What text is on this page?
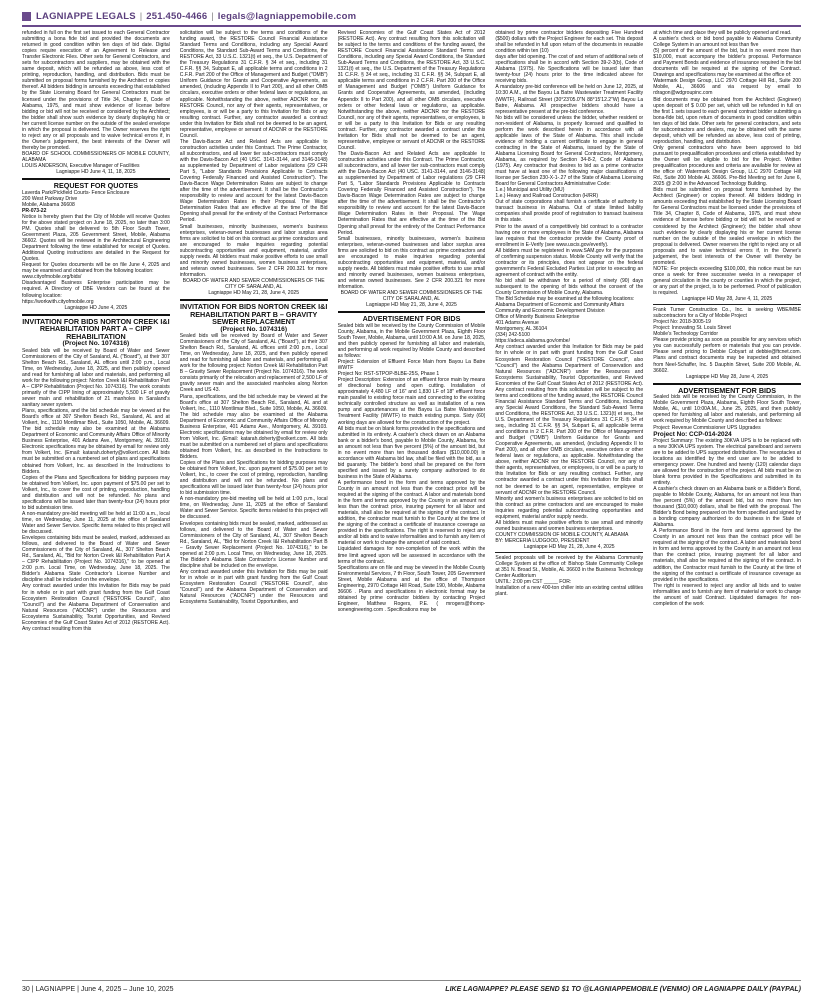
LAGNIAPPE LEGALS | 251.450-4466 | legals@lagniappemobile.com

refunded in full on the first set issued to each General Contractor submitting a bona fide bid and provided the documents are returned in good condition within ten days of bid date. Digital copies require execution of an Agreement to Release and Transfer Electronic Files. Other sets for General Contractors, and sets for subcontractors and suppliers, may be obtained with the same deposit, which will be refunded as above, less cost of printing, reproduction, handling, and distribution. Bids must be submitted on proposal forms furnished by the Architect or copies thereof. All bidders bidding in amounts exceeding that established by the State Licensing Board for General Contractors must be licensed under the provisions of Title 34, Chapter 8, Code of Alabama, 1975, and must show evidence of license before bidding or bid will not be received or considered by the Architect; the bidder shall show such evidence by clearly displaying his or her current license number on the outside of the sealed envelope in which the proposal is delivered. The Owner reserves the right to reject any or all proposals and to waive technical errors if, in the Owner's judgement, the best interests of the Owner will thereby be promoted.

BOARD OF SCHOOL COMMISSIONERS OF MOBILE COUNTY, ALABAMA

LOUIS ANDERSON, Executive Manager of Facilities

Lagniappe HD June 4, 11, 18, 2025

REQUEST FOR QUOTES

Laverda Park/Pickfield Courts- Fence Enclosure

200 West Parkway Drive

Mobile, Alabama 36608

PR-073-22

Notice is hereby given that the City of Mobile will receive Quotes for the above stated project on June 18, 2025, no later than 3:00 PM. Quotes shall be delivered to 5th Floor South Tower, Government Plaza, 205 Government Street, Mobile, Alabama 36602. Quotes will be reviewed in the Architectural Engineering Department following the time established for receipt of Quotes. Additional Quoting instructions are detailed in the Request for Quotes.

Request for Quotes documents will be on file June 4, 2025 and may be examined and obtained from the following location:

www.cityofmobile.org/bids/

Disadvantaged Business Enterprise participation may be required. A Directory of DBE Vendors can be found at the following location:

https://workwith.cityofmobile.org

Lagniappe HD June 4, 2025

INVITATION FOR BIDS NORTON CREEK I&I REHABILITATION PART A – CIPP REHABILITATION

(Project No. 1074316)

Sealed bids will be received by Board of Water and Sewer Commissioners of the City of Saraland, AL ("Board"), at their 307 Shelton Beach Rd., Saraland, AL offices until 2:00 p.m., Local Time, on Wednesday, June 18, 2025, and then publicly opened and read for furnishing all labor and materials, and performing all work for the following project: Norton Creek I&I Rehabilitation Part A – CIPP Rehabilitation (Project No. 1074316). The work consists primarily of the CIPP lining of approximately 5,500 LF of gravity sewer main and rehabilitation of 21 manholes in Saraland's sanitary sewer system.

Plans, specifications, and the bid schedule may be viewed at the Board's office at 307 Shelton Beach Rd., Saraland, AL and at Volkert, Inc., 1110 Montlimar Blvd., Suite 1050, Mobile, AL 36609. The bid schedule may also be examined at the Alabama Department of Economic and Community Affairs Office of Minority Business Enterprise, 401 Adams Ave., Montgomery, AL 39103. Electronic specifications may be obtained by email for review only from Volkert, Inc. (Email: katarah.doherty@volkert.com. All bids must be submitted on a numbered set of plans and specifications obtained from Volkert, Inc. as described in the Instructions to Bidders.

Copies of the Plans and Specifications for bidding purposes may be obtained from Volkert, Inc. upon payment of $75.00 per set to Volkert, Inc., to cover the cost of printing, reproduction, handling and distribution and will not be refunded. No plans and specifications will be issued later than twenty-four (24) hours prior to bid submission time.

A non-mandatory pre-bid meeting will be held at 11:00 a.m., local time, on Wednesday, June 11, 2025 at the office of Saraland Water and Sewer Service. Specific items related to this project will be discussed.

Envelopes containing bids must be sealed, marked, addressed as follows, and delivered to the Board of Water and Sewer Commissioners of the City of Saraland, AL, 307 Shelton Beach Rd., Saraland, AL, "Bid for Norton Creek I&I Rehabilitation Part A – CIPP Rehabilitation (Project No. 1074316)," to be opened at 2:00 p.m. Local Time, on Wednesday, June 18, 2025. The Bidder's Alabama State Contractor's License Number and discipline shall be included on the envelope.

Any contract awarded under this Invitation for Bids may be paid for in whole or in part with grant funding from the Gulf Coast Ecosystem Restoration Council ("RESTORE Council", also "Council") and the Alabama Department of Conservation and Natural Resources ("ADCNR") under the Resources and Ecosystems Sustainability, Tourist Opportunities, and Revived Economies of the Gulf Coast States Act of 2012 (RESTORE Act). Any contract resulting from this

solicitation will be subject to the terms and conditions of the funding award, the RESTORE Council Financial Assistance Standard Terms and Conditions, including any Special Award Conditions, the Standard Sub-Award Terms and Conditions, the RESTORE Act, 33 U.S.C. 1321(t) et seq., the U.S. Department of the Treasury Regulations 31 C.F.R. § 34 et seq., including 31 C.F.R. §§ 34, Subpart E, all applicable terms and conditions in 2 C.F.R. Part 200 of the Office of Management and Budget ("OMB") Uniform Guidance for Grants and Cooperative Agreements, as amended, (including Appendix II to Part 200), and all other OMB circulars, executive orders or other federal laws or regulations, as applicable. Notwithstanding the above, neither ADCNR nor the RESTORE Council, nor any of their agents, representatives, or employees, is or will be a party to this Invitation for Bids or any resulting contract. Further, any contractor awarded a contract under this Invitation for Bids shall not be deemed to be an agent, representative, employee or servant of ADCNR or the RESTORE Council.

The Davis-Bacon Act and Related Acts are applicable to construction activities under this Contract. The Prime Contractor, all subcontractors, and all lower tier sub-contractors must comply with the Davis-Bacon Act (40 USC. 3141-3144, and 3146-3148) as supplemented by Department of Labor regulations (29 CFR Part 5, "Labor Standards Provisions Applicable to Contracts Covering Federally Financed and Assisted Construction"). The Davis-Bacon Wage Determination Rates are subject to change after the time of the advertisement. It shall be the Contractor's responsibility to review and account for the latest Davis-Bacon Wage Determination Rates in their Proposal. The Wage Determination Rates that are effective at the time of the Bid Opening shall prevail for the entirety of the Contract Performance Period.

Small businesses, minority businesses, women's business enterprises, veteran-owned businesses and labor surplus area firms are solicited to bid on this contract as prime contractors and are encouraged to make inquiries regarding potential subcontracting opportunities and equipment, material, and/or supply needs. All bidders must make positive efforts to use small and minority owned businesses, women business enterprises, and veteran owned businesses. See 2 CFR 200.321 for more information.

BOARD OF WATER AND SEWER COMMISSIONERS OF THE CITY OF SARALAND, AL

Lagniappe HD May 21, 28, June 4, 2025

INVITATION FOR BIDS NORTON CREEK I&I REHABILITATION PART B – GRAVITY SEWER REPLACEMENT

(Project No. 1074316)

Sealed bids will be received by Board of Water and Sewer Commissioners of the City of Saraland, AL ("Board"), at their 307 Shelton Beach Rd., Saraland, AL offices until 2:00 p.m., Local Time, on Wednesday, June 18, 2025, and then publicly opened and read for furnishing all labor and materials, and performing all work for the following project: Norton Creek I&I Rehabilitation Part B – Gravity Sewer Replacement (Project No. 1074316). The work consists primarily of the relocation and replacement of 2,500 LF of gravity sewer main and the associated manholes along Norton Creek and US 43.

Plans, specifications, and the bid schedule may be viewed at the Board's office at 307 Shelton Beach Rd., Saraland, AL and at Volkert, Inc., 1110 Montlimar Blvd., Suite 1050, Mobile, AL 36609. The bid schedule may also be examined at the Alabama Department of Economic and Community Affairs Office of Minority Business Enterprise, 401 Adams Ave., Montgomery, AL 39103. Electronic specifications may be obtained by email for review only from Volkert, Inc. (Email: katarah.doherty@volkert.com. All bids must be submitted on a numbered set of plans and specifications obtained from Volkert, Inc. as described in the Instructions to Bidders.

Copies of the Plans and Specifications for bidding purposes may be obtained from Volkert, Inc. upon payment of $75.00 per set to Volkert, Inc., to cover the cost of printing, reproduction, handling and distribution and will not be refunded. No plans and specifications will be issued later than twenty-four (24) hours prior to bid submission time.

A non-mandatory pre-bid meeting will be held at 1:00 p.m., local time, on Wednesday, June 11, 2025 at the office of Saraland Water and Sewer Service. Specific items related to this project will be discussed.

Envelopes containing bids must be sealed, marked, addressed as follows, and delivered to the Board of Water and Sewer Commissioners of the City of Saraland, AL, 307 Shelton Beach Rd., Saraland, AL, "Bid for Norton Creek I&I Rehabilitation Part B – Gravity Sewer Replacement (Project No. 1074316)," to be opened at 2:00 p.m. Local Time, on Wednesday, June 18, 2025. The Bidder's Alabama State Contractor's License Number and discipline shall be included on the envelope.

Any contract awarded under this Invitation for Bids may be paid for in whole or in part with grant funding from the Gulf Coast Ecosystem Restoration Council ("RESTORE Council", also "Council") and the Alabama Department of Conservation and Natural Resources ("ADCNR") under the Resources and Ecosystems Sustainability, Tourist Opportunities, and

Revived Economies of the Gulf Coast States Act of 2012 (RESTORE Act). Any contract resulting from this solicitation will be subject to the terms and conditions of the funding award, the RESTORE Council Financial Assistance Standard Terms and Conditions, including any Special Award Conditions, the Standard Sub-Award Terms and Conditions, the RESTORE Act, 33 U.S.C. 1321(t) et seq., the U.S. Department of the Treasury Regulations 31 C.F.R. § 34 et seq., including 31 C.F.R. §§ 34, Subpart E, all applicable terms and conditions in 2 C.F.R. Part 200 of the Office of Management and Budget ("OMB") Uniform Guidance for Grants and Cooperative Agreements, as amended, (including Appendix II to Part 200), and all other OMB circulars, executive orders or other federal laws or regulations, as applicable. Notwithstanding the above, neither ADCNR nor the RESTORE Council, nor any of their agents, representatives, or employees, is or will be a party to this Invitation for Bids or any resulting contract. Further, any contractor awarded a contract under this Invitation for Bids shall not be deemed to be an agent, representative, employee or servant of ADCNR or the RESTORE Council.

The Davis-Bacon Act and Related Acts are applicable to construction activities under this Contract. The Prime Contractor, all subcontractors, and all lower tier sub-contractors must comply with the Davis-Bacon Act (40 USC. 3141-3144, and 3146-3148) as supplemented by Department of Labor regulations (29 CFR Part 5, "Labor Standards Provisions Applicable to Contracts Covering Federally Financed and Assisted Construction"). The Davis-Bacon Wage Determination Rates are subject to change after the time of the advertisement. It shall be the Contractor's responsibility to review and account for the latest Davis-Bacon Wage Determination Rates in their Proposal. The Wage Determination Rates that are effective at the time of the Bid Opening shall prevail for the entirety of the Contract Performance Period.

Small businesses, minority businesses, women's business enterprises, veteran-owned businesses and labor surplus area firms are solicited to bid on this contract as prime contractors and are encouraged to make inquiries regarding potential subcontracting opportunities and equipment, material, and/or supply needs. All bidders must make positive efforts to use small and minority owned businesses, women business enterprises, and veteran owned businesses. See 2 CFR 200.321 for more information.

BOARD OF WATER AND SEWER COMMISSIONERS OF THE CITY OF SARALAND, AL

Lagniappe HD May 21, 28, June 4, 2025

ADVERTISEMENT FOR BIDS

Sealed bids will be received by the County Commission of Mobile County, Alabama, in the Mobile Government Plaza, Eighth Floor South Tower, Mobile, Alabama, until 10:00 A.M. on June 18, 2025, and then publicly opened for furnishing all labor and materials, and performing all work required by Mobile County and described as follows:

Project: Extension of Effluent Force Main from Bayou La Batre WWTF

Project No: RST-STPOP-BLBE-25S, Phase 1

Project Description: Extension of an effluent force main by means of directional boring and open cutting. Installation of approximately 4,480 LF of 16" and 1,830 LF of 18" effluent force main parallel to existing force main and connecting to the existing technically controlled structure as well as installation of a new pump and appurtenances at the Bayou La Batre Wastewater Treatment Facility (WWTF) to match existing pumps. Sixty (60) working days are allowed for the construction of the project.

All bids must be on blank forms provided in the specifications and submitted in its entirety. A cashier's check drawn on an Alabama bank or a bidder's bond, payable to Mobile County, Alabama, for an amount not less than five percent (5%) of the amount bid, but in no event more than ten thousand dollars ($10,000.00) in accordance with Alabama bid law, shall be filed with the bid, as a bid guaranty. The bidder's bond shall be prepared on the form specified and issued by a surety company authorized to do business in the State of Alabama.

A performance bond in the form and terms approved by the County in an amount not less than the contract price will be required at the signing of the contract. A labor and materials bond in the form and terms approved by the County in an amount not less than the contract price, insuring payment for all labor and materials, shall also be required at the signing of the contract. In addition, the contractor must furnish to the County at the time of the signing of the contract a certificate of insurance coverage as provided in the specifications. The right is reserved to reject any and/or all bids and to waive informalities and to furnish any item of material or work to change the amount of said contract.

Liquidated damages for non-completion of the work within the time limit agreed upon will be assessed in accordance with the terms of the contract.

Specifications are on file and may be viewed in the Mobile County Environmental Services, 7 th Floor, South Tower, 205 Government Street, Mobile Alabama and at the office of Thompson Engineering, 2970 Cottage Hill Road, Suite 190, Mobile, Alabama 36606 . Plans and specifications in electronic format may be obtained by prime contractor bidders by contacting Project Engineer, Matthew Rogers, P.E. ( mrogers@thomp-sonengineering.com . Specifications may be

obtained by prime contractor bidders depositing Five Hundred ($500) dollars with the Project Engineer for each set. This deposit shall be refunded in full upon return of the documents in reusable condition within ten (10)

days after bid opening. The cost of and return of additional sets of specifications shall be in accord with Section 39-2-3(b), Code of Alabama (1975). No Specifications will be issued later than twenty-four (24) hours prior to the time indicated above for receiving bids.

A mandatory pre-bid conference will be held on June 12, 2025, at 10:30 A.M., at the Bayou La Batre Wastewater Treatment Facility (WWTF), Railroad Street (30°23'05.0"N 88°15'12.2"W) Bayou La Batre, Alabama. All prospective bidders should have a representative present at the pre-bid conference.

No bids will be considered unless the bidder, whether resident or non-resident of Alabama, is properly licensed and qualified to perform the work described herein in accordance with all applicable laws of the State of Alabama. This shall include evidence of holding a current certificate to engage in general contracting in the State of Alabama, issued by the State of Alabama Licensing Board for General Contractors, Montgomery, Alabama, as required by Section 34-8-2, Code of Alabama (1975). Any contractor that desires to bid as a prime contractor must have at least one of the following major classifications of license per Section 230-X-1-.27 of the State of Alabama Licensing Board for General Contractors Administrative Code:

1.e.) Municipal and Utility (MU)

1.e.) Heavy and Railroad Construction (H/RR)

Out of state corporations shall furnish a certificate of authority to transact business in Alabama. Out of state limited liability companies shall provide proof of registration to transact business in this state.

Prior to the award of a competitively bid contract to a contractor having one or more employees in the State of Alabama, Alabama law requires that the contractor provide the County proof of enrollment in E-Verify (see www.uscis.gov/everify).

All bidders must be registered in www.SAM.gov for the purposes of confirming suspension status. Mobile County will verify that the contractor or its principles, does not appear on the federal government's Federal Excluded Parties List prior to executing an agreement of contract with the entity.

No bid shall be withdrawn for a period of ninety (90) days subsequent to the opening of bids without the consent of the County Commission of Mobile County, Alabama.

The Bid Schedule may be examined at the following locations:

Alabama Department of Economic and Community Affairs

Community and Economic Development Division

Office of Minority Business Enterprise

401 Adams Avenue

Montgomery, AL 36104

(334) 242-5100

https://adeca.alabama.gov/ombe/

Any contract awarded under this Invitation for Bids may be paid for in whole or in part with grant funding from the Gulf Coast Ecosystem Restoration Council ("RESTORE Council", also "Council") and the Alabama Department of Conservation and Natural Resources ("ADCNR") under the Resources and Ecosystems Sustainability, Tourist Opportunities, and Revived Economies of the Gulf Coast States Act of 2012 (RESTORE Act). Any contract resulting from this solicitation will be subject to the terms and conditions of the funding award, the RESTORE Council Financial Assistance Standard Terms and Conditions, including any Special Award Conditions, the Standard Sub-Award Terms and Conditions, the RESTORE Act, 33 U.S.C. 1321(t) et seq., the U.S. Department of the Treasury Regulations 31 C.F.R. § 34 et seq., including 31 C.F.R. §§ 34, Subpart E, all applicable terms and conditions in 2 C.F.R. Part 200 of the Office of Management and Budget ("OMB") Uniform Guidance for Grants and Cooperative Agreements, as amended, (including Appendix II to Part 200), and all other OMB circulars, executive orders or other federal laws or regulations, as applicable. Notwithstanding the above, neither ADCNR nor the RESTORE Council, nor any of their agents, representatives, or employees, is or will be a party to this Invitation for Bids or any resulting contract. Further, any contractor awarded a contract under this Invitation for Bids shall not be deemed to be an agent, representative, employee or servant of ADCNR or the RESTORE Council.

Minority and women's business enterprises are solicited to bid on this contract as prime contractors and are encouraged to make inquiries regarding potential subcontracting opportunities and equipment, material and/or supply needs.

All bidders must make positive efforts to use small and minority owned businesses and women business enterprises.

COUNTY COMMISSION OF MOBILE COUNTY, ALABAMA

BY: MERCERIA LUDGOOD, PRESIDENT

Lagniappe HD May 21, 28, June 4, 2025

Sealed proposals will be received by the Alabama Community College System at the office of: Bishop State Community College at 351 N. Broad St., Mobile, AL 36603 in the Business Technology Center Auditorium

UNTIL: 2:00 pm CST _____ FOR:

Installation of a new 400-ton chiller into an existing central utilities plant.

at which time and place they will be publicly opened and read.

A cashier's check or bid bond payable to Alabama Community College System in an amount not less than five

(5) percent of the amount of the bid, but in no event more than $10,000, must accompany the bidder's proposal. Performance and Payment Bonds and evidence of insurance required in the bid documents will be required at the signing of the Contract. Drawings and specifications may be examined at the office of:

Watermark Design Group, LLC 2970 Cottage Hill Rd., Suite 200 Mobile, AL, 36606 and via request by email to rdragon@wdgroupinc.com

Bid documents may be obtained from the Architect (Engineer) upon deposit of $ 0.00 per set, which will be refunded in full on the first 1 sets issued to each general contract bidder submitting a bona-fide bid, upon return of documents in good condition within ten days of bid date. Other sets for general contractors, and sets for subcontractors and dealers, may be obtained with the same deposit, which will be refunded as above, less cost of printing, reproduction, handling, and distribution.

Only general contractors who have been approved to bid pursuant to prequalification procedures and criteria established by the Owner will be eligible to bid for the Project. Written prequalification procedures and criteria are available for review at the office of: Watermark Design Group, LLC 2970 Cottage Hill Rd., Suite 200 Mobile AL 36606. Pre-Bid Meeting set for June 6, 2025 @ 2:00 in the Advanced Technology Building.

Bids must be submitted on proposal forms furnished by the Architect (Engineer) or copies thereof. All bidders bidding in amounts exceeding that established by the State Licensing Board for General Contractors must be licensed under the provisions of Title 34, Chapter 8, Code of Alabama, 1975, and must show evidence of license before bidding or bid will not be received or considered by the Architect (Engineer); the bidder shall show such evidence by clearly displaying his or her current license number on the outside of the sealed envelope in which the proposal is delivered. Owner reserves the right to reject any or all proposals and to waive technical errors if, in the Owner's judgement, the best interests of the Owner will thereby be promoted.

NOTE: For projects exceeding $100,000, this notice must be run once a week for three successive weeks in a newspaper of general circulation in the county or counties in which the project, or any part of the project, is to be performed. Proof of publication is required.

Lagniappe HD May 28, June 4, 11, 2025

Frank Turner Construction Co., Inc. is seeking WBE/MBE subcontractors for a City of Mobile Project

Project No: 2018-3005-19

Project: Innovating St. Louis Street

Mobile's Technology Corridor

Please provide pricing as soon as possible for any services which you can successfully perform or materials that you can provide. Please send pricing to Debbie Cobyart at debbie@ftcnet.com. Plans and contract documents may be inspected and obtained from Neel-Schaffer, Inc. 5 Dauphin Street, Suite 200 Mobile, AL 36602.

Lagniappe HD May 28, June 4, 2025

ADVERTISEMENT FOR BIDS

Sealed bids will be received by the County Commission, in the Mobile Government Plaza, Alabama, Eighth Floor South Tower, Mobile, AL, until 10:00A.M., June 25, 2025, and then publicly opened for furnishing all labor and materials, and performing all work required by Mobile County and described as follows:

Project: Revenue Commissioner UPS Upgrades

Project No: CCP-014-2024

Project Summary: The existing 30KVA UPS is to be replaced with a new 30KVA UPS system. The electrical panelboard and servers are to be added to UPS supported distribution. The receptacles at locations as identified by the end user are to be added to emergency power. One hundred and twenty (120) calendar days are allowed for the construction of the project. All bids must be on blank forms provided in the Specifications and submitted in its entirety.

A cashier's check drawn on an Alabama bank or a Bidder's Bond, payable to Mobile County, Alabama, for an amount not less than five percent (5%) of the amount bid, but no more than ten thousand ($10,000) dollars, shall be filed with the proposal. The Bidder's Bond being prepared on the form specified and signed by a bonding company authorized to do business in the State of Alabama.

A Performance Bond in the form and terms approved by the County in an amount not less than the contract price will be required at the signing of the contract. A labor and materials bond in form and terms approved by the County in an amount not less than the contract price, insuring payment for all labor and materials, shall also be required at the signing of the contract. In addition, the Contractor must furnish to the County at the time of the signing of the contract a certificate of insurance coverage as provided in the specifications.

The right is reserved to reject any and/or all bids and to waive informalities and to furnish any item of material or work to change the amount of said Contract. Liquidated damages for non-completion of the work

30 | LAGNIAPPE | June 4, 2025 – June 10, 2025	LIKE LAGNIAPPE? PLEASE SEND $1 TO @LAGNIAPPEMOBILE (VENMO) OR LAGNIAPPE DAILY (PAYPAL)
